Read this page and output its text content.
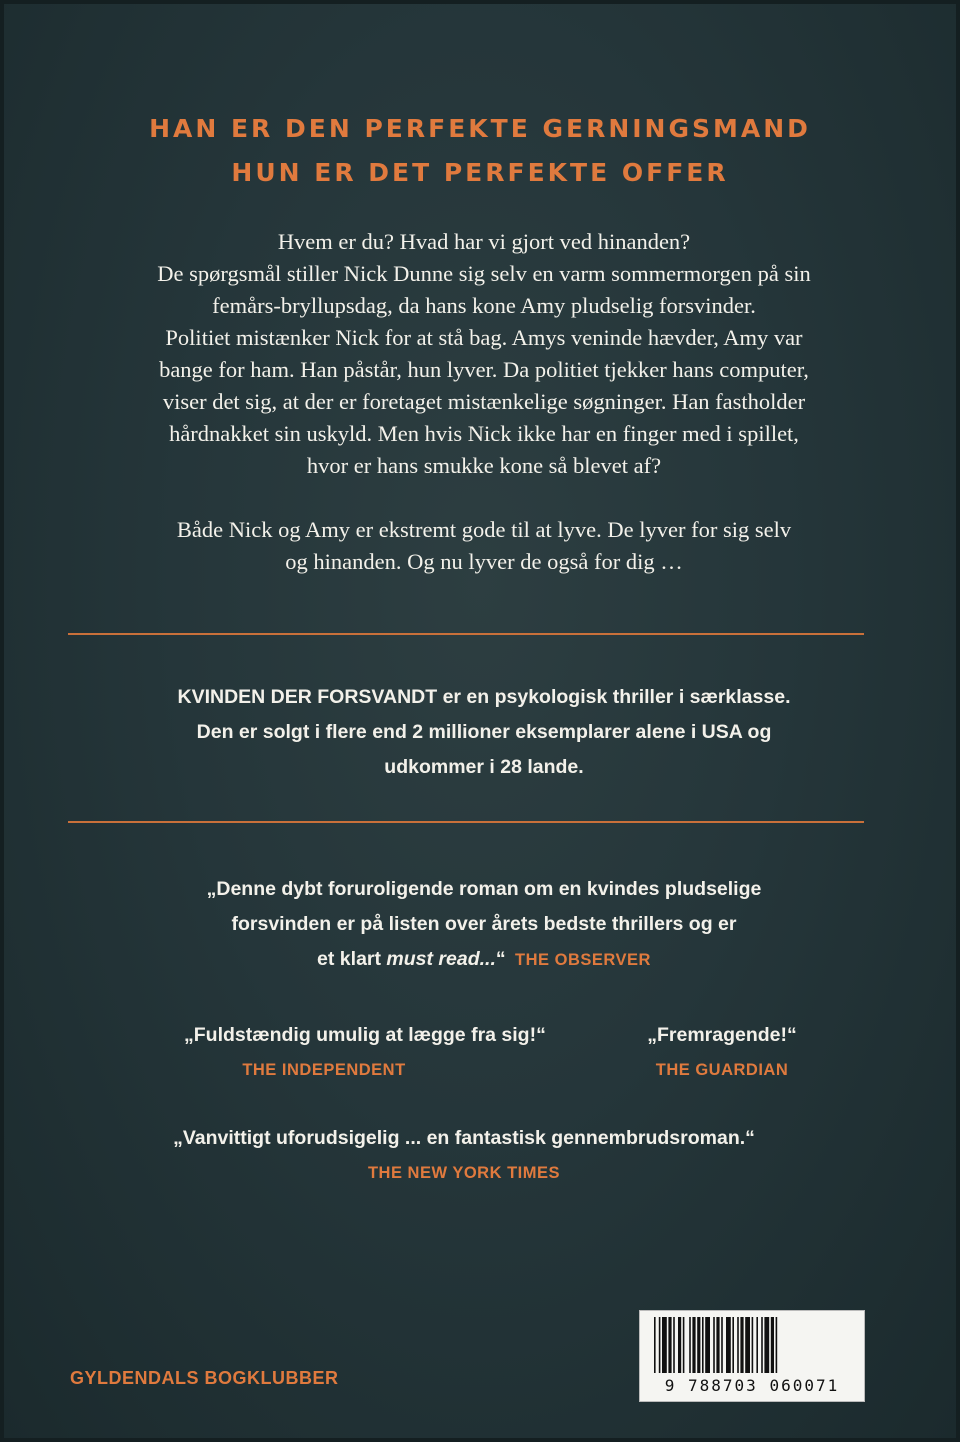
HAN ER DEN PERFEKTE GERNINGSMAND
HUN ER DET PERFEKTE OFFER
Hvem er du? Hvad har vi gjort ved hinanden?
De spørgsmål stiller Nick Dunne sig selv en varm sommermorgen på sin
femårs-bryllupsdag, da hans kone Amy pludselig forsvinder.
Politiet mistænker Nick for at stå bag. Amys veninde hævder, Amy var
bange for ham. Han påstår, hun lyver. Da politiet tjekker hans computer,
viser det sig, at der er foretaget mistænkelige søgninger. Han fastholder
hårdnakket sin uskyld. Men hvis Nick ikke har en finger med i spillet,
hvor er hans smukke kone så blevet af?
Både Nick og Amy er ekstremt gode til at lyve. De lyver for sig selv
og hinanden. Og nu lyver de også for dig …
KVINDEN DER FORSVANDT er en psykologisk thriller i særklasse.
Den er solgt i flere end 2 millioner eksemplarer alene i USA og
udkommer i 28 lande.
„Denne dybt foruroligende roman om en kvindes pludselige
forsvinden er på listen over årets bedste thrillers og er
et klart must read...“ THE OBSERVER
„Fuldstændig umulig at lægge fra sig!“
THE INDEPENDENT
„Fremragende!“
THE GUARDIAN
„Vanvittigt uforudsigelig ... en fantastisk gennembrudsroman.“
THE NEW YORK TIMES
GYLDENDALS BOGKLUBBER	9 788703 060071
